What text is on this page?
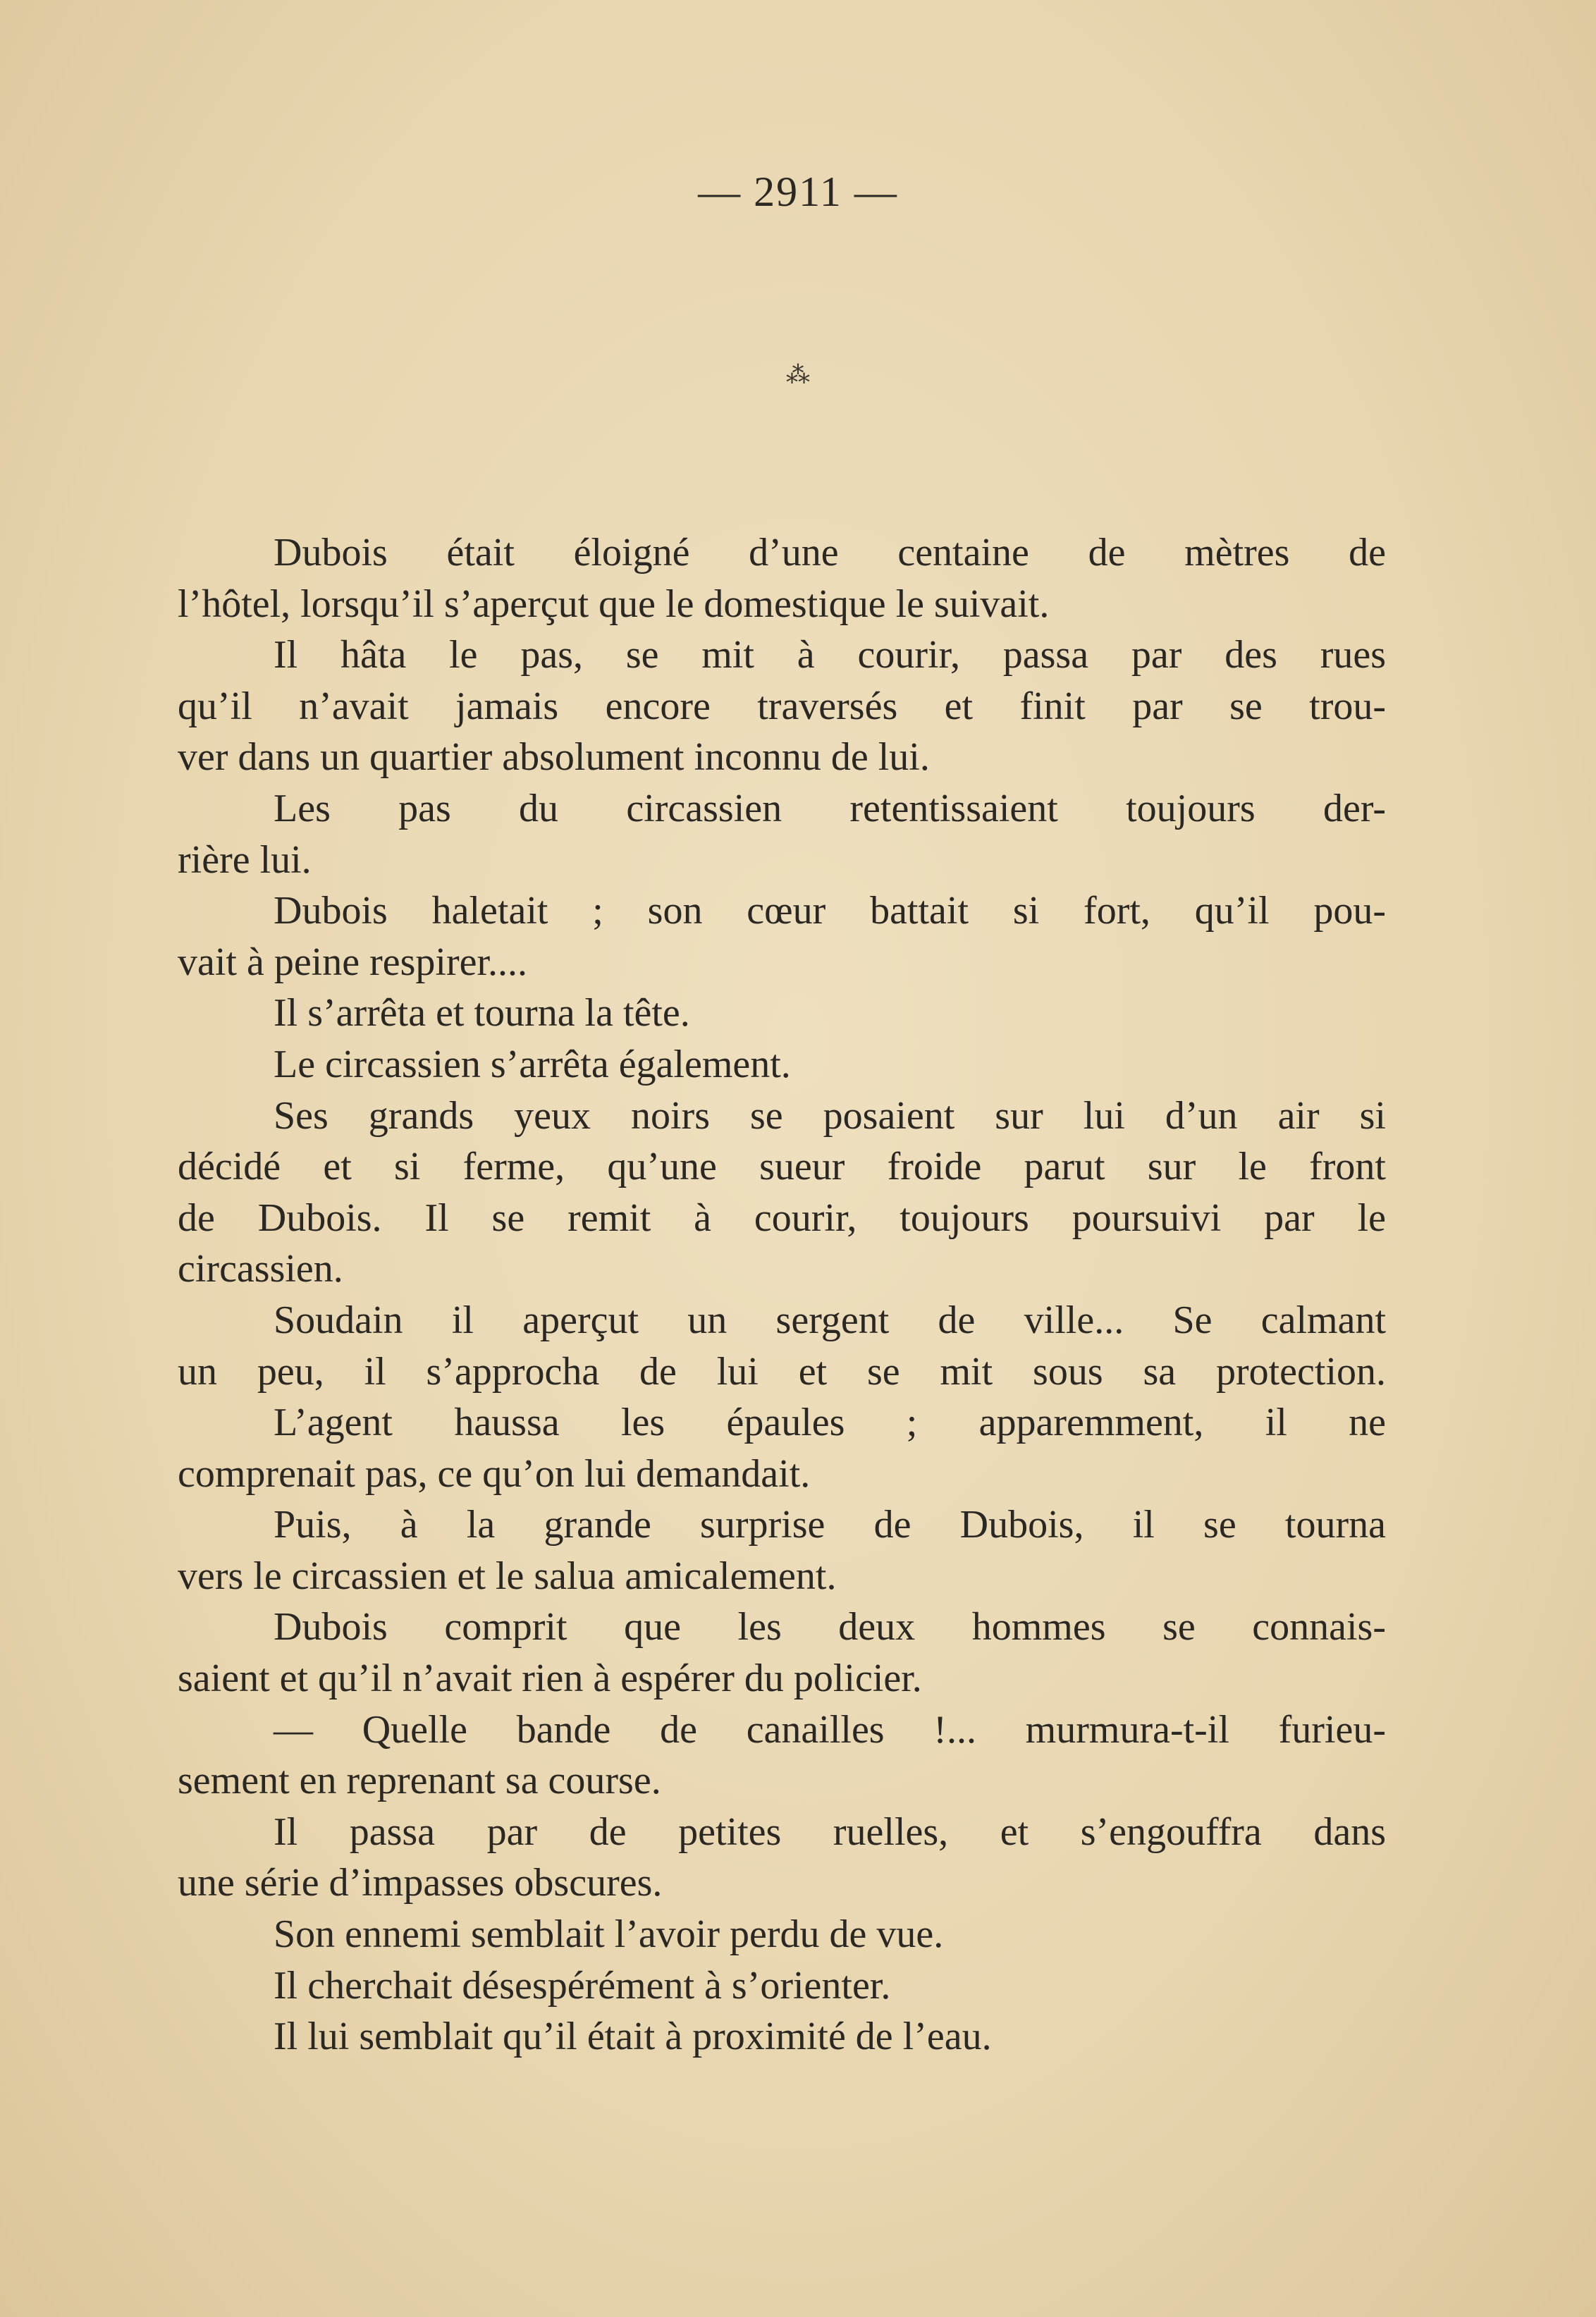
— 2911 —
⁂
Dubois était éloigné d’une centaine de mètres de
l’hôtel, lorsqu’il s’aperçut que le domestique le suivait.
Il hâta le pas, se mit à courir, passa par des rues
qu’il n’avait jamais encore traversés et finit par se trou-
ver dans un quartier absolument inconnu de lui.
Les pas du circassien retentissaient toujours der-
rière lui.
Dubois haletait ; son cœur battait si fort, qu’il pou-
vait à peine respirer....
Il s’arrêta et tourna la tête.
Le circassien s’arrêta également.
Ses grands yeux noirs se posaient sur lui d’un air si
décidé et si ferme, qu’une sueur froide parut sur le front
de Dubois. Il se remit à courir, toujours poursuivi par le
circassien.
Soudain il aperçut un sergent de ville... Se calmant
un peu, il s’approcha de lui et se mit sous sa protection.
L’agent haussa les épaules ; apparemment, il ne
comprenait pas, ce qu’on lui demandait.
Puis, à la grande surprise de Dubois, il se tourna
vers le circassien et le salua amicalement.
Dubois comprit que les deux hommes se connais-
saient et qu’il n’avait rien à espérer du policier.
— Quelle bande de canailles !... murmura-t-il furieu-
sement en reprenant sa course.
Il passa par de petites ruelles, et s’engouffra dans
une série d’impasses obscures.
Son ennemi semblait l’avoir perdu de vue.
Il cherchait désespérément à s’orienter.
Il lui semblait qu’il était à proximité de l’eau.
